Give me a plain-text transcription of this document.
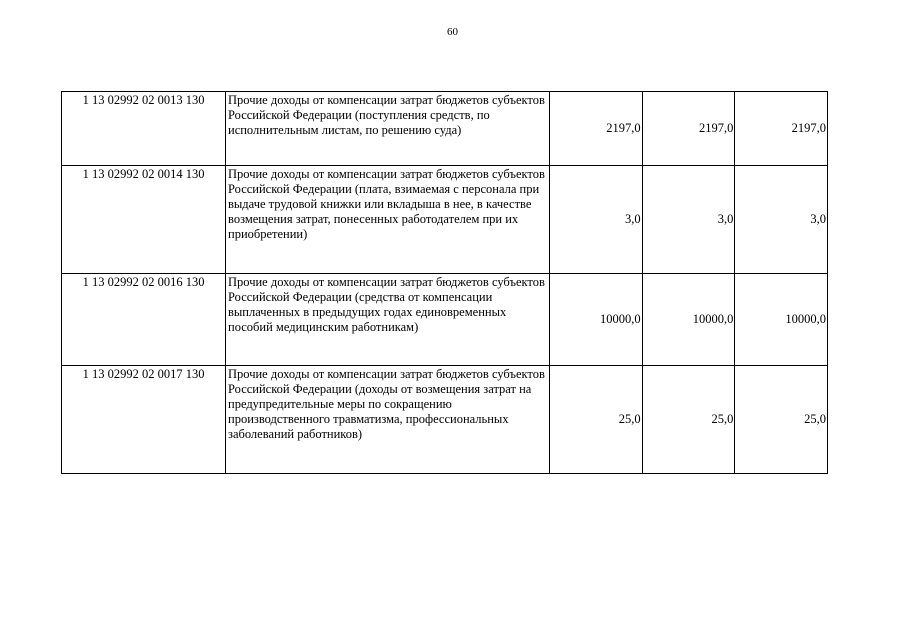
60
1 13 02992 02 0013 130	Прочие доходы от компенсации затрат бюджетов субъектов Российской Федерации (поступления средств, по исполнительным листам, по решению суда)	2197,0	2197,0	2197,0
1 13 02992 02 0014 130	Прочие доходы от компенсации затрат бюджетов субъектов Российской Федерации (плата, взимаемая с персонала при выдаче трудовой книжки или вкладыша в нее, в качестве возмещения затрат, понесенных работодателем при их приобретении)	3,0	3,0	3,0
1 13 02992 02 0016 130	Прочие доходы от компенсации затрат бюджетов субъектов Российской Федерации (средства от компенсации выплаченных в предыдущих годах единовременных пособий медицинским работникам)	10000,0	10000,0	10000,0
1 13 02992 02 0017 130	Прочие доходы от компенсации затрат бюджетов субъектов Российской Федерации (доходы от возмещения затрат на предупредительные меры по сокращению производственного травматизма, профессиональных заболеваний работников)	25,0	25,0	25,0
